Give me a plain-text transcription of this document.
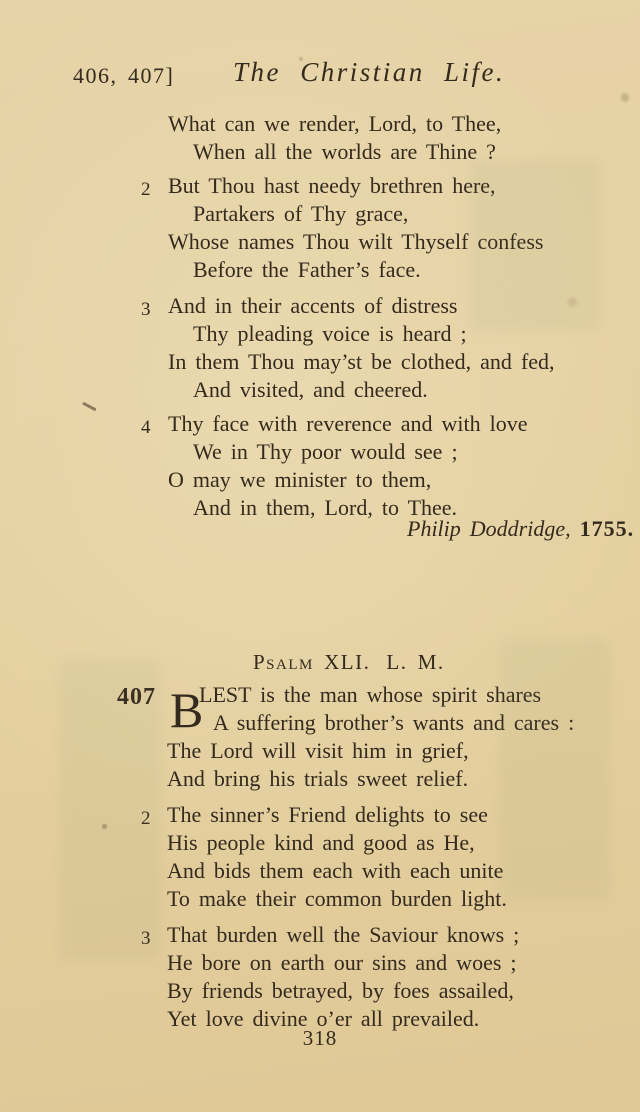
406, 407] The Christian Life.
What can we render, Lord, to Thee,
When all the worlds are Thine ?
2 But Thou hast needy brethren here,
Partakers of Thy grace,
Whose names Thou wilt Thyself confess
Before the Father’s face.
3 And in their accents of distress
Thy pleading voice is heard ;
In them Thou may’st be clothed, and fed,
And visited, and cheered.
4 Thy face with reverence and with love
We in Thy poor would see ;
O may we minister to them,
And in them, Lord, to Thee.
Philip Doddridge, 1755.
Psalm XLI. L. M.
407 B
LEST is the man whose spirit shares
A suffering brother’s wants and cares :
The Lord will visit him in grief,
And bring his trials sweet relief.
2 The sinner’s Friend delights to see
His people kind and good as He,
And bids them each with each unite
To make their common burden light.
3 That burden well the Saviour knows ;
He bore on earth our sins and woes ;
By friends betrayed, by foes assailed,
Yet love divine o’er all prevailed.
318
